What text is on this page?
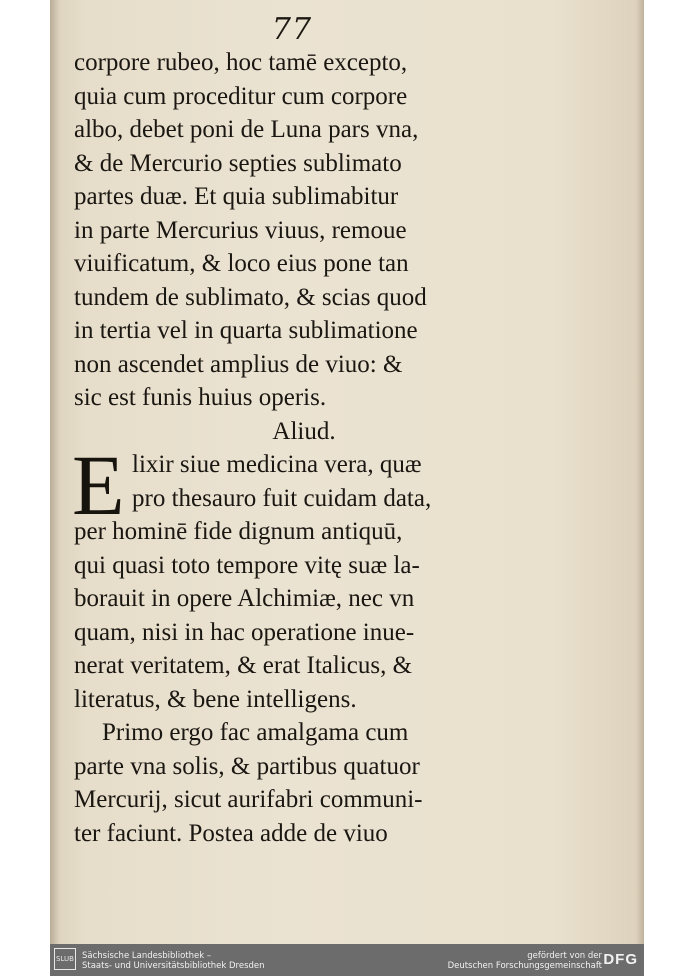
77
corpore rubeo, hoc tamē excepto,
quia cum proceditur cum corpore
albo, debet poni de Luna pars vna,
& de Mercurio septies sublimato
partes duæ. Et quia sublimabitur
in parte Mercurius viuus, remoue
viuificatum, & loco eius pone tan
tundem de sublimato, & scias quod
in tertia vel in quarta sublimatione
non ascendet amplius de viuo: &
sic est funis huius operis.
Aliud.
lixir siue medicina vera, quæ
pro thesauro fuit cuidam data,
per hominē fide dignum antiquū,
qui quasi toto tempore vitę suæ la-
borauit in opere Alchimiæ, nec vn
quam, nisi in hac operatione inue-
nerat veritatem, & erat Italicus, &
literatus, & bene intelligens.
Primo ergo fac amalgama cum
parte vna solis, & partibus quatuor
Mercurij, sicut aurifabri communi-
ter faciunt. Postea adde de viuo
E
SLUB Sächsische Landesbibliothek –
Staats- und Universitätsbibliothek Dresden
gefördert von der
Deutschen Forschungsgemeinschaft DFG
